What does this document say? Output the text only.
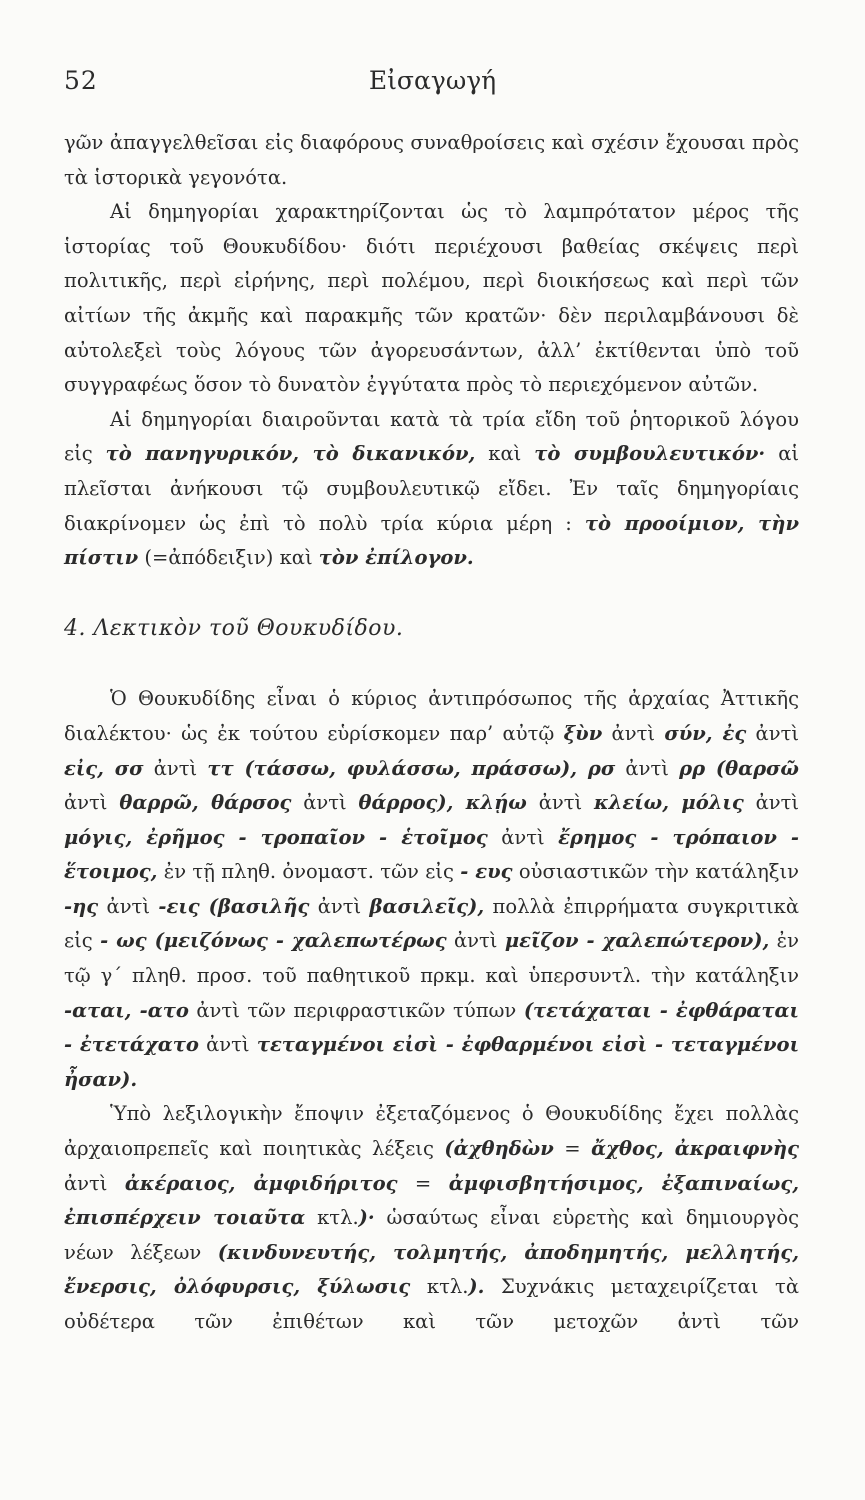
52	Εἰσαγωγή

γῶν ἀπαγγελθεῖσαι εἰς διαφόρους συναθροίσεις καὶ σχέσιν ἔχουσαι πρὸς τὰ ἱστορικὰ γεγονότα.

Αἱ δημηγορίαι χαρακτηρίζονται ὡς τὸ λαμπρότατον μέρος τῆς ἱστορίας τοῦ Θουκυδίδου· διότι περιέχουσι βαθείας σκέψεις περὶ πολιτικῆς, περὶ εἰρήνης, περὶ πολέμου, περὶ διοικήσεως καὶ περὶ τῶν αἰτίων τῆς ἀκμῆς καὶ παρακμῆς τῶν κρατῶν· δὲν περιλαμβάνουσι δὲ αὐτολεξεὶ τοὺς λόγους τῶν ἀγορευσάντων, ἀλλ’ ἐκτίθενται ὑπὸ τοῦ συγγραφέως ὅσον τὸ δυνατὸν ἐγγύτατα πρὸς τὸ περιεχόμενον αὐτῶν.

Αἱ δημηγορίαι διαιροῦνται κατὰ τὰ τρία εἴδη τοῦ ῥητορικοῦ λόγου εἰς τὸ πανηγυρικόν, τὸ δικανικόν, καὶ τὸ συμβουλευτικόν· αἱ πλεῖσται ἀνήκουσι τῷ συμβουλευτικῷ εἴδει. Ἐν ταῖς δημηγορίαις διακρίνομεν ὡς ἐπὶ τὸ πολὺ τρία κύρια μέρη : τὸ προοίμιον, τὴν πίστιν (=ἀπόδειξιν) καὶ τὸν ἐπίλογον.

4. Λεκτικὸν τοῦ Θουκυδίδου.

Ὁ Θουκυδίδης εἶναι ὁ κύριος ἀντιπρόσωπος τῆς ἀρχαίας Ἀττικῆς διαλέκτου· ὡς ἐκ τούτου εὑρίσκομεν παρ’ αὐτῷ ξὺν ἀντὶ σύν, ἐς ἀντὶ εἰς, σσ ἀντὶ ττ (τάσσω, φυλάσσω, πράσσω), ρσ ἀντὶ ρρ (θαρσῶ ἀντὶ θαρρῶ, θάρσος ἀντὶ θάρρος), κλῄω ἀντὶ κλείω, μόλις ἀντὶ μόγις, ἐρῆμος - τροπαῖον - ἑτοῖμος ἀντὶ ἔρημος - τρόπαιον - ἕτοιμος, ἐν τῇ πληθ. ὀνομαστ. τῶν εἰς - ευς οὐσιαστικῶν τὴν κατάληξιν -ης ἀντὶ -εις (βασιλῆς ἀντὶ βασιλεῖς), πολλὰ ἐπιρρήματα συγκριτικὰ εἰς - ως (μειζόνως - χαλεπωτέρως ἀντὶ μεῖζον - χαλεπώτερον), ἐν τῷ γ΄ πληθ. προσ. τοῦ παθητικοῦ πρκμ. καὶ ὑπερσυντλ. τὴν κατάληξιν -αται, -ατο ἀντὶ τῶν περιφραστικῶν τύπων (τετάχαται - ἐφθάραται - ἐτετάχατο ἀντὶ τεταγμένοι εἰσὶ - ἐφθαρμένοι εἰσὶ - τεταγμένοι ἦσαν).

Ὑπὸ λεξιλογικὴν ἔποψιν ἐξεταζόμενος ὁ Θουκυδίδης ἔχει πολλὰς ἀρχαιοπρεπεῖς καὶ ποιητικὰς λέξεις (ἀχθηδὼν = ἄχθος, ἀκραιφνὴς ἀντὶ ἀκέραιος, ἀμφιδήριτος = ἀμφισβητήσιμος, ἐξαπιναίως, ἐπισπέρχειν τοιαῦτα κτλ.)· ὡσαύτως εἶναι εὑρετὴς καὶ δημιουργὸς νέων λέξεων (κινδυνευτής, τολμητής, ἀποδημητής, μελλητής, ἔνερσις, ὀλόφυρσις, ξύλωσις κτλ.). Συχνάκις μεταχειρίζεται τὰ οὐδέτερα τῶν ἐπιθέτων καὶ τῶν μετοχῶν ἀντὶ τῶν
